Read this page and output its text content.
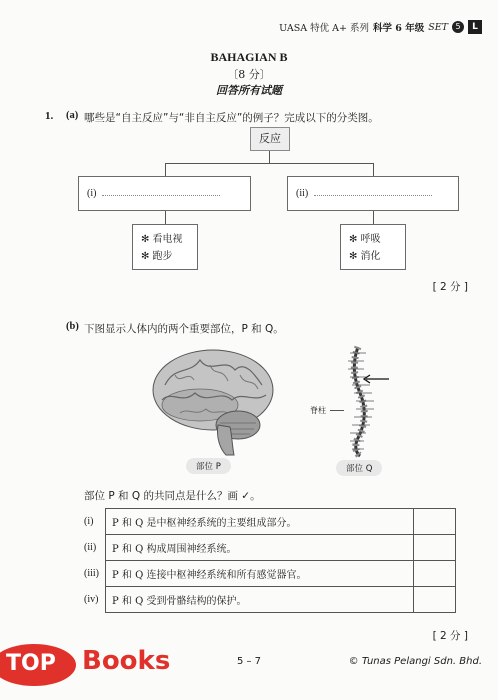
UASA 特优 A+ 系列 科学 6 年级 SET 5	L
BAHAGIAN B
〔8 分〕
回答所有试题
1. (a) 哪些是“自主反应”与“非自主反应”的例子？完成以下的分类图。
反应
(i)	(ii)
✻ 看电视
✻ 跑步
✻ 呼吸
✻ 消化
[ 2 分 ]
(b) 下图显示人体内的两个重要部位，P 和 Q。
部位 P
脊柱
部位 Q
部位 P 和 Q 的共同点是什么？画 ✓。
(i)	P 和 Q 是中枢神经系统的主要组成部分。	
(ii)	P 和 Q 构成周围神经系统。	
(iii)	P 和 Q 连接中枢神经系统和所有感觉器官。	
(iv)	P 和 Q 受到骨骼结构的保护。	
[ 2 分 ]
5 – 7	© Tunas Pelangi Sdn. Bhd.
TOP Books
